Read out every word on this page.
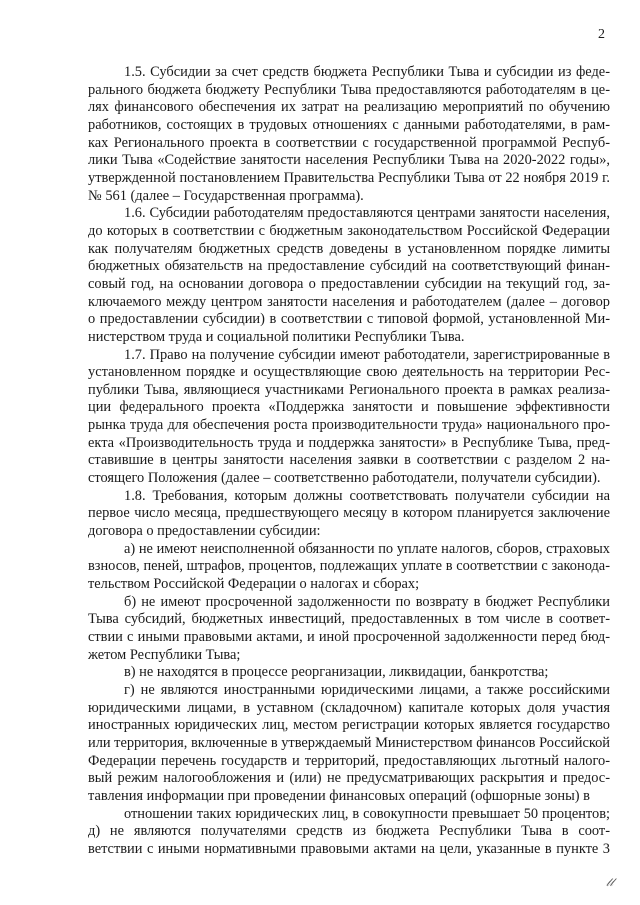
2
1.5. Субсидии за счет средств бюджета Республики Тыва и субсидии из феде-
рального бюджета бюджету Республики Тыва предоставляются работодателям в це-
лях финансового обеспечения их затрат на реализацию мероприятий по обучению
работников, состоящих в трудовых отношениях с данными работодателями, в рам-
ках Регионального проекта в соответствии с государственной программой Респуб-
лики Тыва «Содействие занятости населения Республики Тыва на 2020-2022 годы»,
утвержденной постановлением Правительства Республики Тыва от 22 ноября 2019 г.
№ 561 (далее – Государственная программа).
1.6. Субсидии работодателям предоставляются центрами занятости населения,
до которых в соответствии с бюджетным законодательством Российской Федерации
как получателям бюджетных средств доведены в установленном порядке лимиты
бюджетных обязательств на предоставление субсидий на соответствующий финан-
совый год, на основании договора о предоставлении субсидии на текущий год, за-
ключаемого между центром занятости населения и работодателем (далее – договор
о предоставлении субсидии) в соответствии с типовой формой, установленной Ми-
нистерством труда и социальной политики Республики Тыва.
1.7. Право на получение субсидии имеют работодатели, зарегистрированные в
установленном порядке и осуществляющие свою деятельность на территории Рес-
публики Тыва, являющиеся участниками Регионального проекта в рамках реализа-
ции федерального проекта «Поддержка занятости и повышение эффективности
рынка труда для обеспечения роста производительности труда» национального про-
екта «Производительность труда и поддержка занятости» в Республике Тыва, пред-
ставившие в центры занятости населения заявки в соответствии с разделом 2 на-
стоящего Положения (далее – соответственно работодатели, получатели субсидии).
1.8. Требования, которым должны соответствовать получатели субсидии на
первое число месяца, предшествующего месяцу в котором планируется заключение
договора о предоставлении субсидии:
а) не имеют неисполненной обязанности по уплате налогов, сборов, страховых
взносов, пеней, штрафов, процентов, подлежащих уплате в соответствии с законода-
тельством Российской Федерации о налогах и сборах;
б) не имеют просроченной задолженности по возврату в бюджет Республики
Тыва субсидий, бюджетных инвестиций, предоставленных в том числе в соответ-
ствии с иными правовыми актами, и иной просроченной задолженности перед бюд-
жетом Республики Тыва;
в) не находятся в процессе реорганизации, ликвидации, банкротства;
г) не являются иностранными юридическими лицами, а также российскими
юридическими лицами, в уставном (складочном) капитале которых доля участия
иностранных юридических лиц, местом регистрации которых является государство
или территория, включенные в утверждаемый Министерством финансов Российской
Федерации перечень государств и территорий, предоставляющих льготный налого-
вый режим налогообложения и (или) не предусматривающих раскрытия и предос-
тавления информации при проведении финансовых операций (офшорные зоны) в
отношении таких юридических лиц, в совокупности превышает 50 процентов;
д) не являются получателями средств из бюджета Республики Тыва в соот-
ветствии с иными нормативными правовыми актами на цели, указанные в пункте 3
𝓁𝓁
